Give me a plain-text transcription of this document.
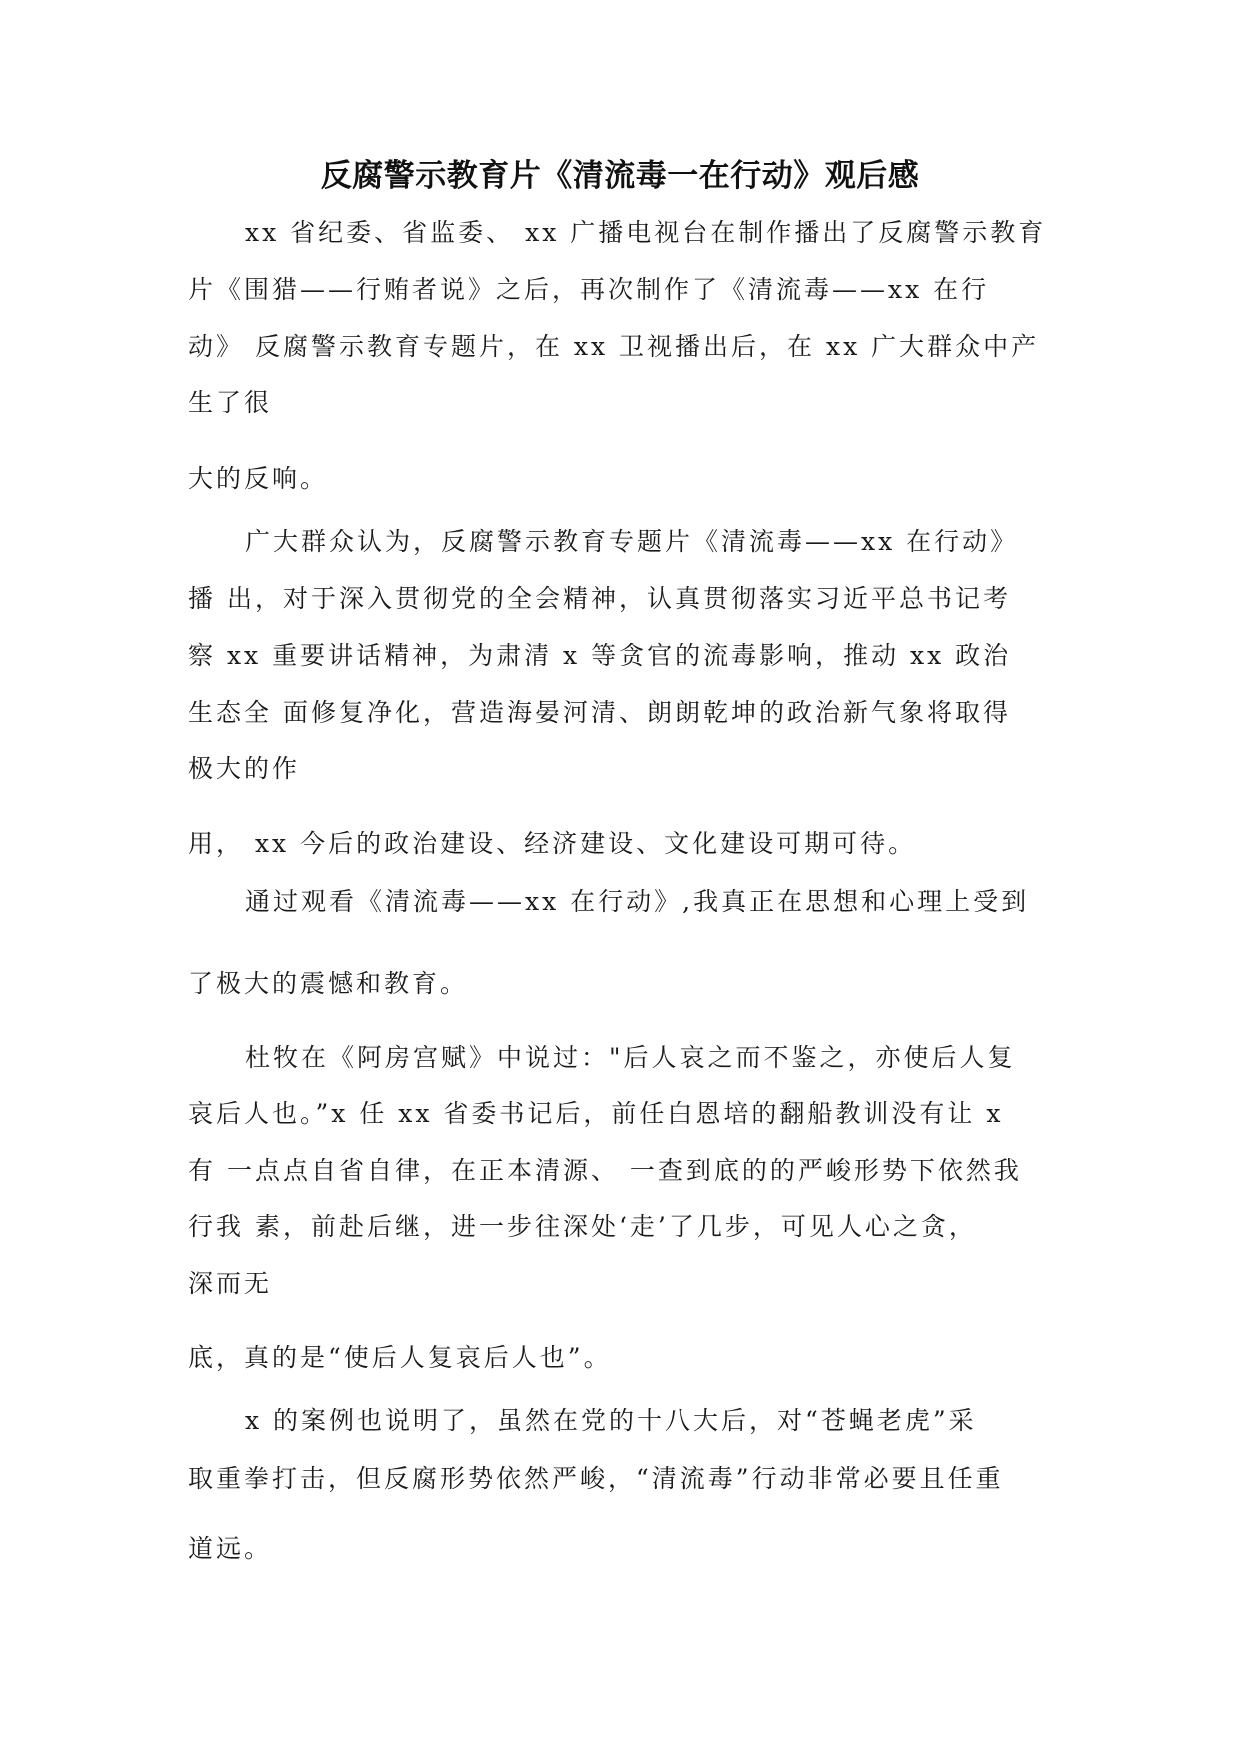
反腐警示教育片《清流毒一在行动》观后感
xx 省纪委、省监委、 xx 广播电视台在制作播出了反腐警示教育
片《围猎——行贿者说》之后，再次制作了《清流毒——xx 在行
动》 反腐警示教育专题片，在 xx 卫视播出后，在 xx 广大群众中产
生了很
大的反响。
广大群众认为，反腐警示教育专题片《清流毒——xx 在行动》
播 出，对于深入贯彻党的全会精神，认真贯彻落实习近平总书记考
察 xx 重要讲话精神，为肃清 x 等贪官的流毒影响，推动 xx 政治
生态全 面修复净化，营造海晏河清、朗朗乾坤的政治新气象将取得
极大的作
用， xx 今后的政治建设、经济建设、文化建设可期可待。
通过观看《清流毒——xx 在行动》,我真正在思想和心理上受到
了极大的震憾和教育。
杜牧在《阿房宫赋》中说过："后人哀之而不鉴之，亦使后人复
哀后人也。”x 任 xx 省委书记后，前任白恩培的翻船教训没有让 x
有 一点点自省自律，在正本清源、 一查到底的的严峻形势下依然我
行我 素，前赴后继，进一步往深处‘走’了几步，可见人心之贪，
深而无
底，真的是“使后人复哀后人也”。
x 的案例也说明了，虽然在党的十八大后，对“苍蝇老虎”采
取重拳打击，但反腐形势依然严峻，“清流毒”行动非常必要且任重
道远。
